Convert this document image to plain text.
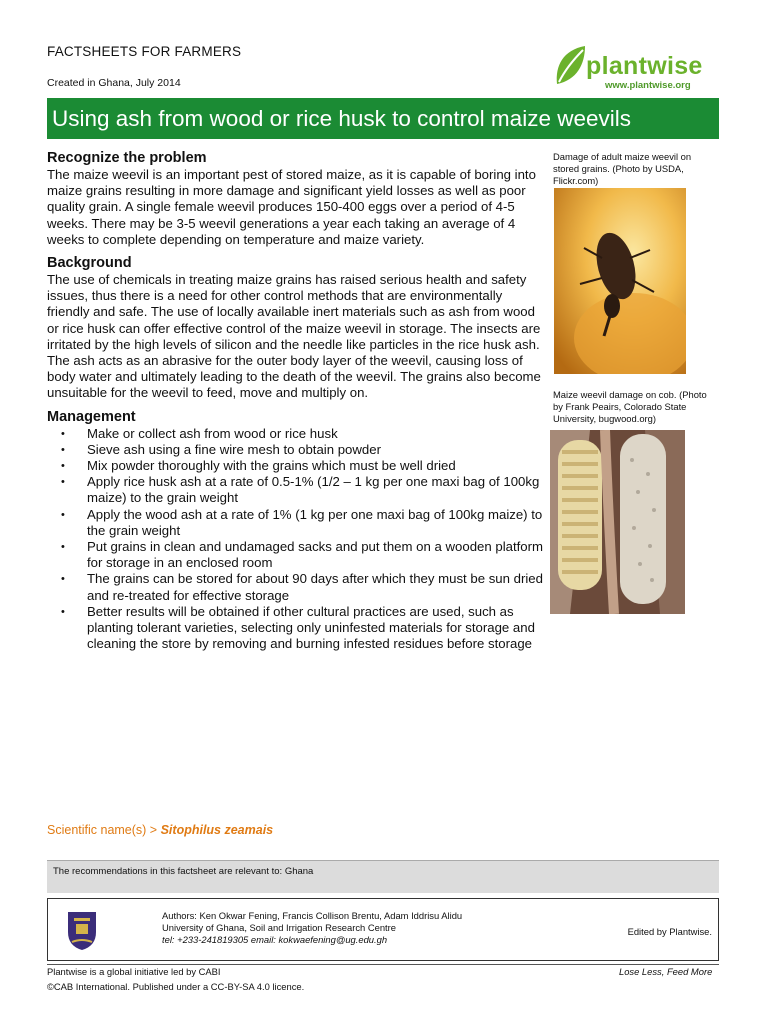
FACTSHEETS FOR FARMERS
Created in Ghana, July 2014
plantwise
www.plantwise.org
Using ash from wood or rice husk to control maize weevils
Recognize the problem

The maize weevil is an important pest of stored maize, as it is capable of boring into maize grains resulting in more damage and significant yield losses as well as poor quality grain. A single female weevil produces 150-400 eggs over a period of 4-5 weeks. There may be 3-5 weevil generations a year each taking an average of 4 weeks to complete depending on temperature and maize variety.

Background

The use of chemicals in treating maize grains has raised serious health and safety issues, thus there is a need for other control methods that are environmentally friendly and safe. The use of locally available inert materials such as ash from wood or rice husk can offer effective control of the maize weevil in storage. The insects are irritated by the high levels of silicon and the needle like particles in the rice husk ash. The ash acts as an abrasive for the outer body layer of the weevil, causing loss of body water and ultimately leading to the death of the weevil. The grains also become unsuitable for the weevil to feed, move and multiply on.

Management
• Make or collect ash from wood or rice husk
• Sieve ash using a fine wire mesh to obtain powder
• Mix powder thoroughly with the grains which must be well dried
• Apply rice husk ash at a rate of 0.5-1% (1/2 – 1 kg per one maxi bag of 100kg maize) to the grain weight
• Apply the wood ash at a rate of 1% (1 kg per one maxi bag of 100kg maize) to the grain weight
• Put grains in clean and undamaged sacks and put them on a wooden platform for storage in an enclosed room
• The grains can be stored for about 90 days after which they must be sun dried and re-treated for effective storage
• Better results will be obtained if other cultural practices are used, such as planting tolerant varieties, selecting only uninfested materials for storage and cleaning the store by removing and burning infested residues before storage
Damage of adult maize weevil on stored grains. (Photo by USDA, Flickr.com)
Maize weevil damage on cob. (Photo by Frank Peairs, Colorado State University, bugwood.org)
Scientific name(s) > Sitophilus zeamais
The recommendations in this factsheet are relevant to: Ghana
Authors: Ken Okwar Fening, Francis Collison Brentu, Adam Iddrisu Alidu
University of Ghana, Soil and Irrigation Research Centre
tel: +233-241819305 email: kokwaefening@ug.edu.gh
Edited by Plantwise.
Plantwise is a global initiative led by CABI
©CAB International. Published under a CC-BY-SA 4.0 licence.
Lose Less, Feed More
